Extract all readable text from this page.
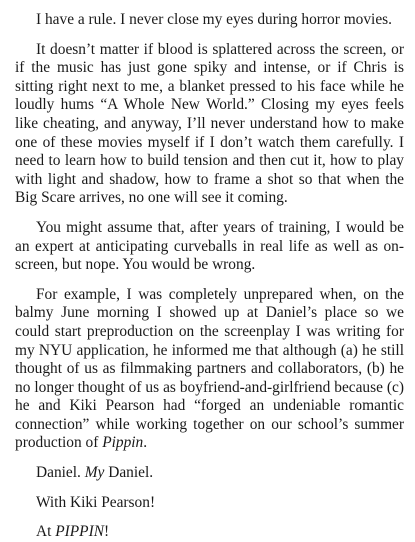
I have a rule. I never close my eyes during horror movies.

It doesn’t matter if blood is splattered across the screen, or if the music has just gone spiky and intense, or if Chris is sitting right next to me, a blanket pressed to his face while he loudly hums “A Whole New World.” Closing my eyes feels like cheating, and anyway, I’ll never understand how to make one of these movies myself if I don’t watch them carefully. I need to learn how to build tension and then cut it, how to play with light and shadow, how to frame a shot so that when the Big Scare arrives, no one will see it coming.

You might assume that, after years of training, I would be an expert at anticipating curveballs in real life as well as on-screen, but nope. You would be wrong.

For example, I was completely unprepared when, on the balmy June morning I showed up at Daniel’s place so we could start preproduction on the screenplay I was writing for my NYU application, he informed me that although (a) he still thought of us as filmmaking partners and collaborators, (b) he no longer thought of us as boyfriend-and-girlfriend because (c) he and Kiki Pearson had “forged an undeniable romantic connection” while working together on our school’s summer production of Pippin.

Daniel. My Daniel.

With Kiki Pearson!

At PIPPIN!
